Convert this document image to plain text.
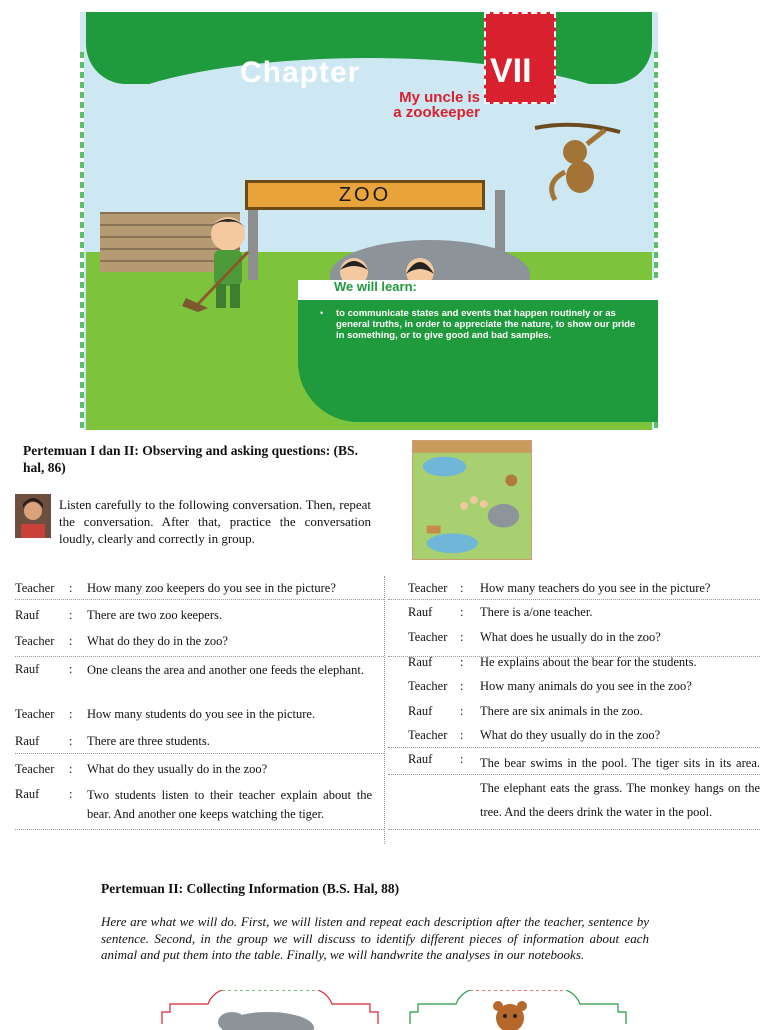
ZOO
Chapter	VII
My uncle is
a zookeeper
We will learn:
• to communicate states and events that happen routinely or as general truths, in order to appreciate the nature, to show our pride in something, or to give good and bad samples.
Pertemuan I dan II: Observing and asking questions: (BS. hal, 86)
Listen carefully to the following conversation. Then, repeat the conversation. After that, practice the conversation loudly, clearly and correctly in group.
Teacher : How many zoo keepers do you see in the picture?
Rauf : There are two zoo keepers.
Teacher : What do they do in the zoo?
Rauf : One cleans the area and another one feeds the elephant.
Teacher : How many students do you see in the picture.
Rauf : There are three students.
Teacher : What do they usually do in the zoo?
Rauf : Two students listen to their teacher explain about the bear. And another one keeps watching the tiger.
Teacher : How many teachers do you see in the picture?
Rauf : There is a/one teacher.
Teacher : What does he usually do in the zoo?
Rauf : He explains about the bear for the students.
Teacher : How many animals do you see in the zoo?
Rauf : There are six animals in the zoo.
Teacher : What do they usually do in the zoo?
Rauf : The bear swims in the pool. The tiger sits in its area. The elephant eats the grass. The monkey hangs on the tree. And the deers drink the water in the pool.
Pertemuan II: Collecting Information (B.S. Hal, 88)
Here are what we will do. First, we will listen and repeat each description after the teacher, sentence by sentence. Second, in the group we will discuss to identify different pieces of information about each animal and put them into the table. Finally, we will handwrite the analyses in our notebooks.
